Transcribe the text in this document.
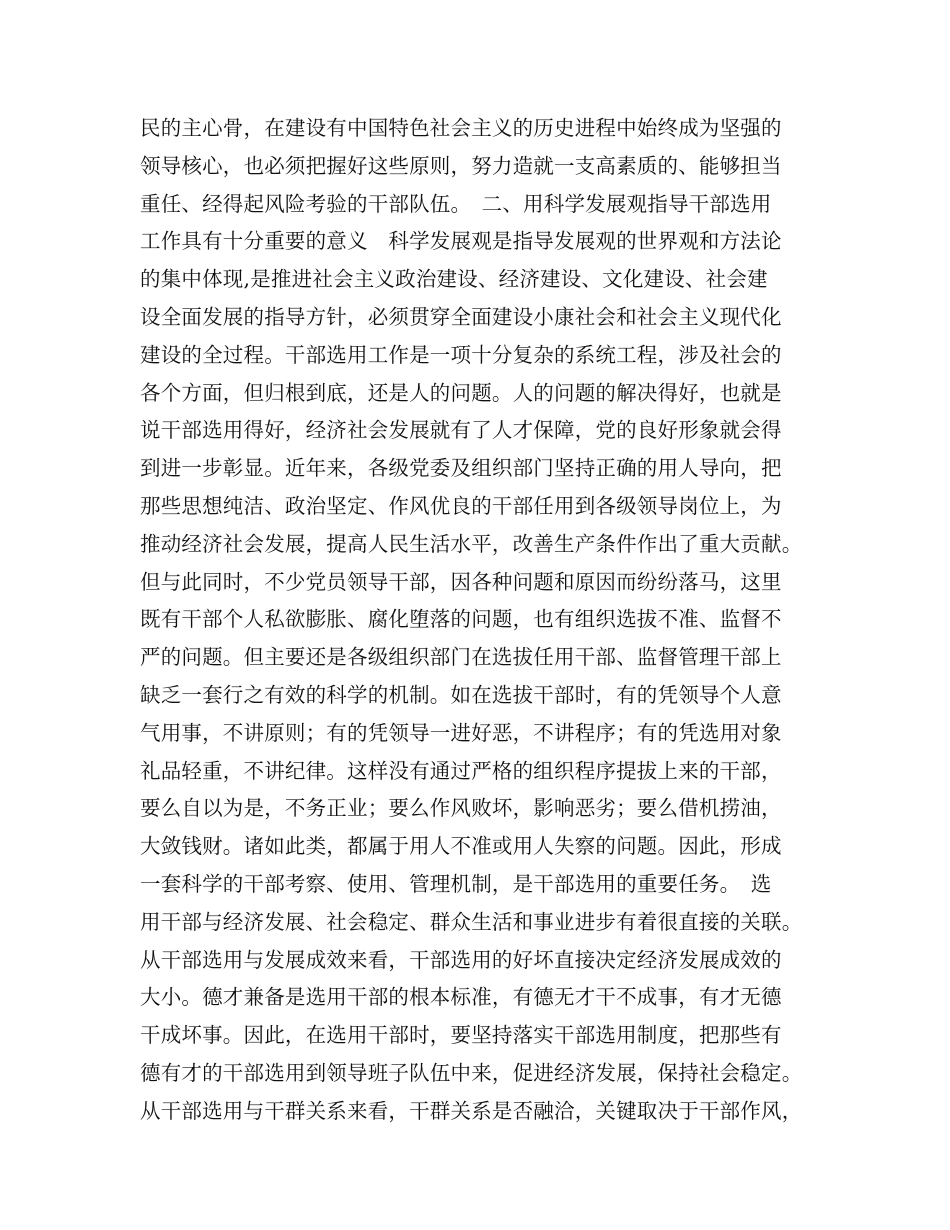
民的主心骨，在建设有中国特色社会主义的历史进程中始终成为坚强的
领导核心，也必须把握好这些原则，努力造就一支高素质的、能够担当
重任、经得起风险考验的干部队伍。　二、用科学发展观指导干部选用
工作具有十分重要的意义　科学发展观是指导发展观的世界观和方法论
的集中体现,是推进社会主义政治建设、经济建设、文化建设、社会建
设全面发展的指导方针，必须贯穿全面建设小康社会和社会主义现代化
建设的全过程。干部选用工作是一项十分复杂的系统工程，涉及社会的
各个方面，但归根到底，还是人的问题。人的问题的解决得好，也就是
说干部选用得好，经济社会发展就有了人才保障，党的良好形象就会得
到进一步彰显。近年来，各级党委及组织部门坚持正确的用人导向，把
那些思想纯洁、政治坚定、作风优良的干部任用到各级领导岗位上，为
推动经济社会发展，提高人民生活水平，改善生产条件作出了重大贡献。
但与此同时，不少党员领导干部，因各种问题和原因而纷纷落马，这里
既有干部个人私欲膨胀、腐化堕落的问题，也有组织选拔不准、监督不
严的问题。但主要还是各级组织部门在选拔任用干部、监督管理干部上
缺乏一套行之有效的科学的机制。如在选拔干部时，有的凭领导个人意
气用事，不讲原则；有的凭领导一进好恶，不讲程序；有的凭选用对象
礼品轻重，不讲纪律。这样没有通过严格的组织程序提拔上来的干部，
要么自以为是，不务正业；要么作风败坏，影响恶劣；要么借机捞油，
大敛钱财。诸如此类，都属于用人不准或用人失察的问题。因此，形成
一套科学的干部考察、使用、管理机制，是干部选用的重要任务。　选
用干部与经济发展、社会稳定、群众生活和事业进步有着很直接的关联。
从干部选用与发展成效来看，干部选用的好坏直接决定经济发展成效的
大小。德才兼备是选用干部的根本标准，有德无才干不成事，有才无德
干成坏事。因此，在选用干部时，要坚持落实干部选用制度，把那些有
德有才的干部选用到领导班子队伍中来，促进经济发展，保持社会稳定。
从干部选用与干群关系来看，干群关系是否融洽，关键取决于干部作风，
